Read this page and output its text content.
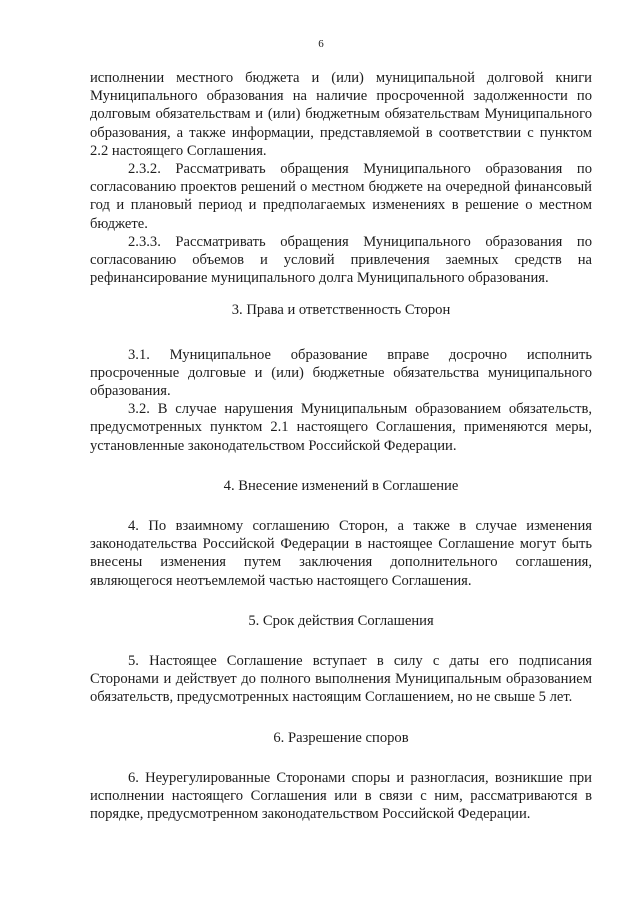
6

исполнении местного бюджета и (или) муниципальной долговой книги Муниципального образования на наличие просроченной задолженности по долговым обязательствам и (или) бюджетным обязательствам Муниципального образования, а также информации, представляемой в соответствии с пунктом 2.2 настоящего Соглашения.

2.3.2. Рассматривать обращения Муниципального образования по согласованию проектов решений о местном бюджете на очередной финансовый год и плановый период и предполагаемых изменениях в решение о местном бюджете.

2.3.3. Рассматривать обращения Муниципального образования по согласованию объемов и условий привлечения заемных средств на рефинансирование муниципального долга Муниципального образования.

3. Права и ответственность Сторон

3.1. Муниципальное образование вправе досрочно исполнить просроченные долговые и (или) бюджетные обязательства муниципального образования.

3.2. В случае нарушения Муниципальным образованием обязательств, предусмотренных пунктом 2.1 настоящего Соглашения, применяются меры, установленные законодательством Российской Федерации.

4. Внесение изменений в Соглашение

4. По взаимному соглашению Сторон, а также в случае изменения законодательства Российской Федерации в настоящее Соглашение могут быть внесены изменения путем заключения дополнительного соглашения, являющегося неотъемлемой частью настоящего Соглашения.

5. Срок действия Соглашения

5. Настоящее Соглашение вступает в силу с даты его подписания Сторонами и действует до полного выполнения Муниципальным образованием обязательств, предусмотренных настоящим Соглашением, но не свыше 5 лет.

6. Разрешение споров

6. Неурегулированные Сторонами споры и разногласия, возникшие при исполнении настоящего Соглашения или в связи с ним, рассматриваются в порядке, предусмотренном законодательством Российской Федерации.
